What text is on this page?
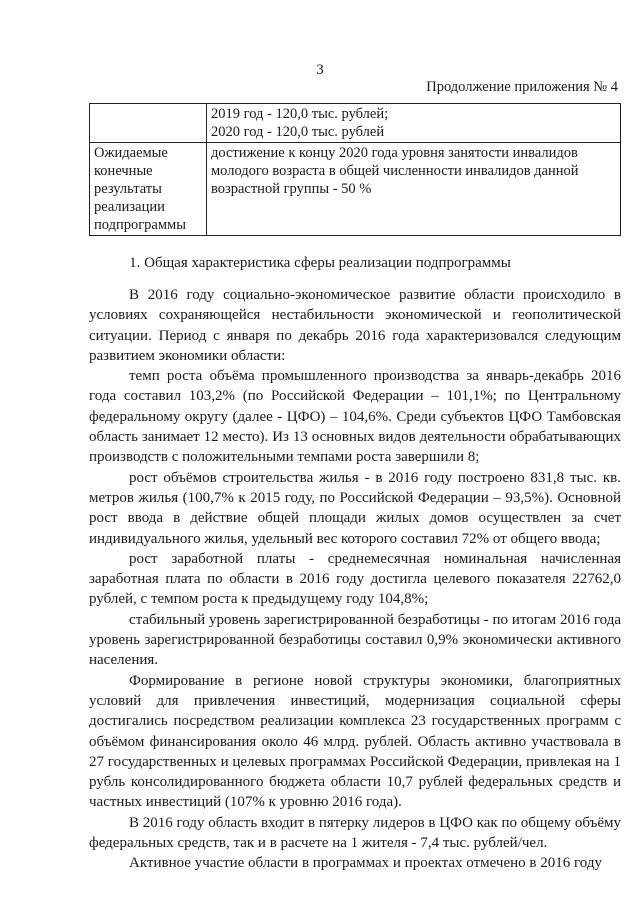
3
Продолжение приложения № 4

	2019 год - 120,0 тыс. рублей;
2020 год - 120,0 тыс. рублей

Ожидаемые конечные результаты реализации подпрограммы	достижение к концу 2020 года уровня занятости инвалидов молодого возраста в общей численности инвалидов данной возрастной группы - 50 %
1. Общая характеристика сферы реализации подпрограммы

В 2016 году социально-экономическое развитие области происходило в условиях сохраняющейся нестабильности экономической и геополитической ситуации. Период с января по декабрь 2016 года характеризовался следующим развитием экономики области:

темп роста объёма промышленного производства за январь-декабрь 2016 года составил 103,2% (по Российской Федерации – 101,1%; по Центральному федеральному округу (далее - ЦФО) – 104,6%. Среди субъектов ЦФО Тамбовская область занимает 12 место). Из 13 основных видов деятельности обрабатывающих производств с положительными темпами роста завершили 8;

рост объёмов строительства жилья - в 2016 году построено 831,8 тыс. кв. метров жилья (100,7% к 2015 году, по Российской Федерации – 93,5%). Основной рост ввода в действие общей площади жилых домов осуществлен за счет индивидуального жилья, удельный вес которого составил 72% от общего ввода;

рост заработной платы - среднемесячная номинальная начисленная заработная плата по области в 2016 году достигла целевого показателя 22762,0 рублей, с темпом роста к предыдущему году 104,8%;

стабильный уровень зарегистрированной безработицы - по итогам 2016 года уровень зарегистрированной безработицы составил 0,9% экономически активного населения.

Формирование в регионе новой структуры экономики, благоприятных условий для привлечения инвестиций, модернизация социальной сферы достигались посредством реализации комплекса 23 государственных программ с объёмом финансирования около 46 млрд. рублей. Область активно участвовала в 27 государственных и целевых программах Российской Федерации, привлекая на 1 рубль консолидированного бюджета области 10,7 рублей федеральных средств и частных инвестиций (107% к уровню 2016 года).

В 2016 году область входит в пятерку лидеров в ЦФО как по общему объёму федеральных средств, так и в расчете на 1 жителя - 7,4 тыс. рублей/чел.

Активное участие области в программах и проектах отмечено в 2016 году
